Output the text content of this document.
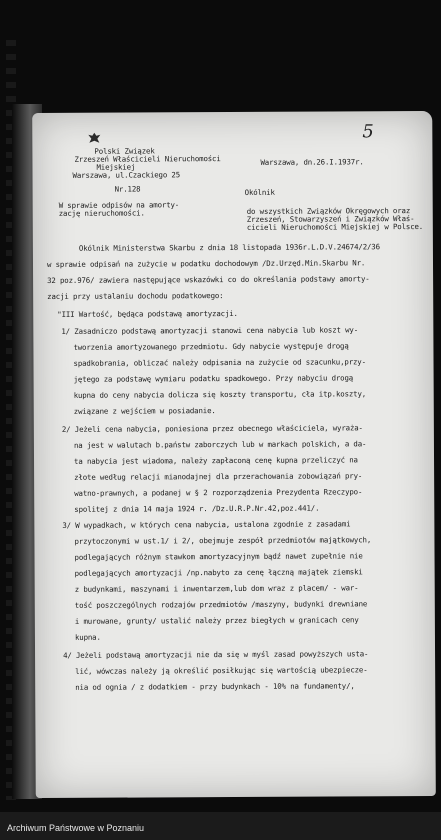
5
Polski Związek
Zrzeszeń Właścicieli Nieruchomości
Miejskiej
Warszawa, ul.Czackiego 25
Warszawa, dn.26.I.1937r.
Nr.128
W sprawie odpisów na amorty-
zację nieruchomości.
Okólnik
do wszystkich Związków Okręgowych oraz
Zrzeszeń, Stowarzyszeń i Związków Właś-
cicieli Nieruchomości Miejskiej w Polsce.
Okólnik Ministerstwa Skarbu z dnia 18 listopada 1936r.L.D.V.24674/2/36
w sprawie odpisań na zużycie w podatku dochodowym /Dz.Urzęd.Min.Skarbu Nr.
32 poz.976/ zawiera następujące wskazówki co do określania podstawy amorty-
zacji przy ustalaniu dochodu podatkowego:
"III Wartość, będąca podstawą amortyzacji.
1/ Zasadniczo podstawą amortyzacji stanowi cena nabycia lub koszt wy-
tworzenia amortyzowanego przedmiotu. Gdy nabycie występuje drogą
spadkobrania, obliczać należy odpisania na zużycie od szacunku,przy-
jętego za podstawę wymiaru podatku spadkowego. Przy nabyciu drogą
kupna do ceny nabycia dolicza się koszty transportu, cła itp.koszty,
związane z wejściem w posiadanie.
2/ Jeżeli cena nabycia, poniesiona przez obecnego właściciela, wyraża-
na jest w walutach b.państw zaborczych lub w markach polskich, a da-
ta nabycia jest wiadoma, należy zapłaconą cenę kupna przeliczyć na
złote według relacji mianodajnej dla przerachowania zobowiązań pry-
watno-prawnych, a podanej w § 2 rozporządzenia Prezydenta Rzeczypo-
spolitej z dnia 14 maja 1924 r. /Dz.U.R.P.Nr.42,poz.441/.
3/ W wypadkach, w których cena nabycia, ustalona zgodnie z zasadami
przytoczonymi w ust.1/ i 2/, obejmuje zespół przedmiotów majątkowych,
podlegających różnym stawkom amortyzacyjnym bądź nawet zupełnie nie
podlegających amortyzacji /np.nabyto za cenę łączną majątek ziemski
z budynkami, maszynami i inwentarzem,lub dom wraz z placem/ - war-
tość poszczególnych rodzajów przedmiotów /maszyny, budynki drewniane
i murowane, grunty/ ustalić należy przez biegłych w granicach ceny
kupna.
4/ Jeżeli podstawą amortyzacji nie da się w myśl zasad powyższych usta-
lić, wówczas należy ją określić posiłkując się wartością ubezpiecze-
nia od ognia / z dodatkiem - przy budynkach - 10% na fundamenty/,
Archiwum Państwowe w Poznaniu
